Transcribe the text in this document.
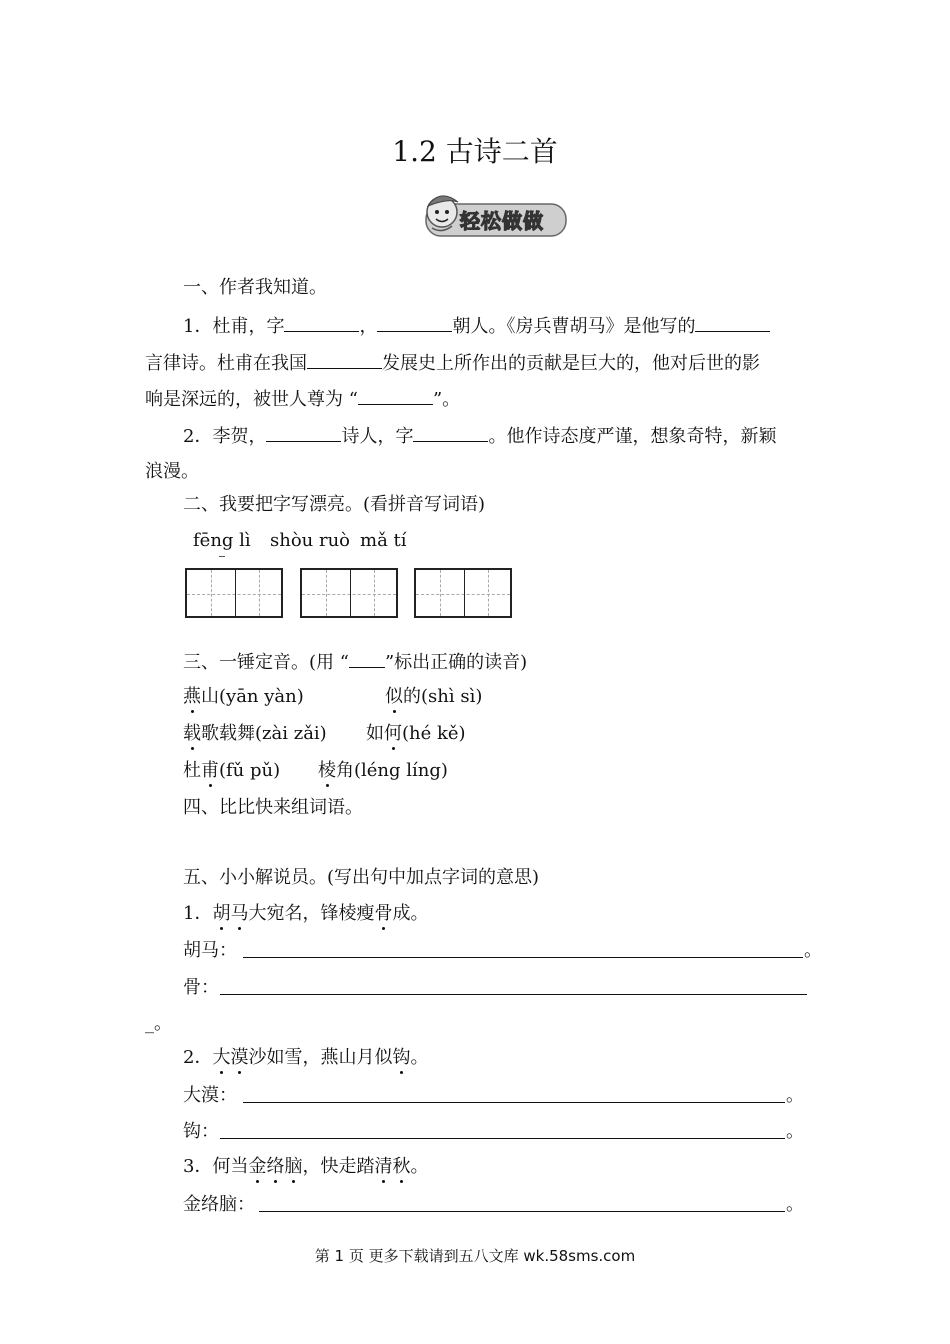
1.2 古诗二首
轻松做做
一、作者我知道。
1．杜甫，字	，	朝人。《房兵曹胡马》是他写的
言律诗。杜甫在我国	发展史上所作出的贡献是巨大的，他对后世的影
响是深远的，被世人尊为 “	”。
2．李贺，	诗人，字	。他作诗态度严谨，想象奇特，新颖
浪漫。
二、我要把字写漂亮。(看拼音写词语)
fēng lì shòu ruò mǎ tí
三、一锤定音。(用 “ ”标出正确的读音)
燕山(yān yàn)	似的(shì sì)
载歌载舞(zài zǎi) 如何(hé kě)
杜甫(fǔ pǔ) 棱角(léng líng)
四、比比快来组词语。
五、小小解说员。(写出句中加点字词的意思)
1．胡马大宛名，锋棱瘦骨成。
胡马：	。
骨：
_。
2．大漠沙如雪，燕山月似钩。
大漠：	。
钩：	。
3．何当金络脑，快走踏清秋。
金络脑：	。
第 1 页 更多下载请到五八文库 wk.58sms.com
